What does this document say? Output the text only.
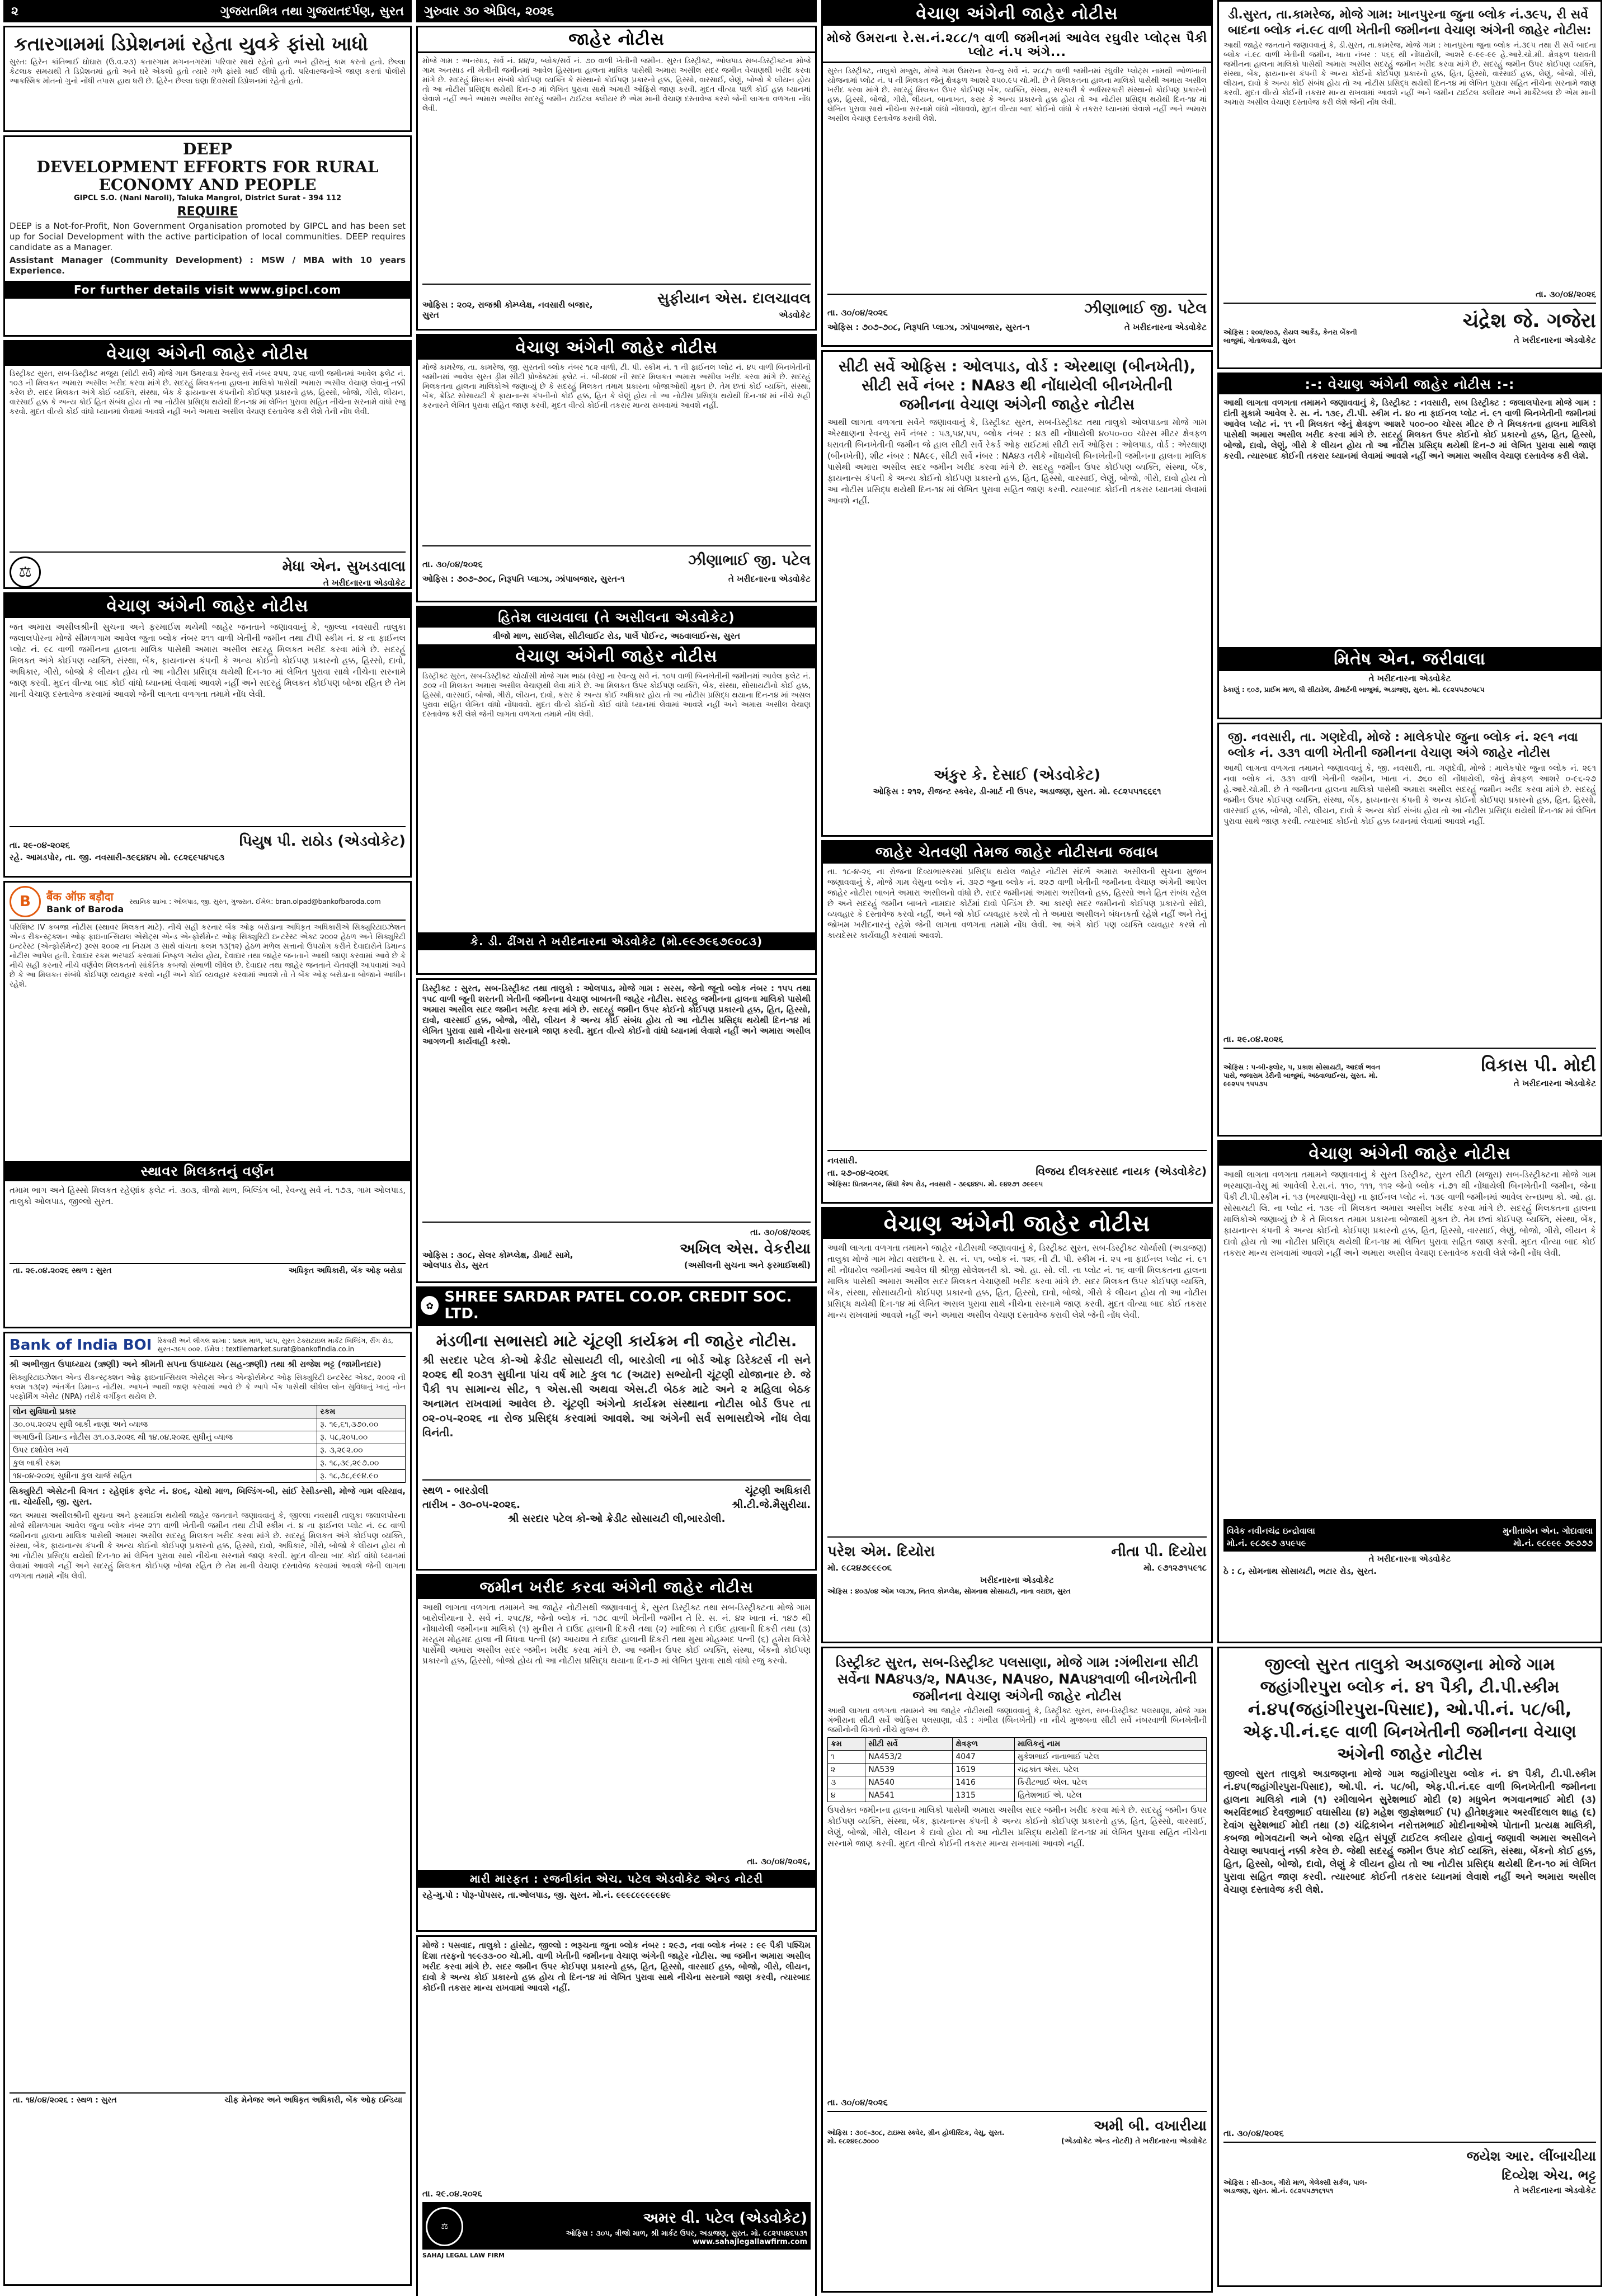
૨	ગુજરાતમિત્ર તથા ગુજરાતદર્પણ, સુરત
કતારગામમાં ડિપ્રેશનમાં રહેતા યુવકે ફાંસો ખાધો
સુરત: હિરેન કાંતિભાઈ ઘોઘારા (ઉ.વ.૨૩) કતારગામ મગનનગરમાં પરિવાર સાથે રહેતો હતો અને હીરાનું કામ કરતો હતો. છેલ્લા કેટલાક સમયથી તે ડિપ્રેશનમાં હતો અને ઘરે એકલો હતો ત્યારે ગળે ફાંસો ખાઈ લીધો હતો. પરિવારજનોએ જાણ કરતાં પોલીસે આકસ્મિક મોતનો ગુનો નોંધી તપાસ હાથ ધરી છે. હિરેન છેલ્લા ઘણા દિવસથી ડિપ્રેશનમાં રહેતો હતો.
DEEP
DEVELOPMENT EFFORTS FOR RURAL ECONOMY AND PEOPLE
GIPCL S.O. (Nani Naroli), Taluka Mangrol, District Surat - 394 112
REQUIRE
DEEP is a Not-for-Profit, Non Government Organisation promoted by GIPCL and has been set up for Social Development with the active participation of local communities. DEEP requires candidate as a Manager.
Assistant Manager (Community Development) : MSW / MBA with 10 years Experience.
For further details visit www.gipcl.com
વેચાણ અંગેની જાહેર નોટીસ
ડિસ્ટ્રીક્ટ સુરત, સબ-ડિસ્ટ્રીક્ટ મજુરા (સીટી સર્વે) મોજે ગામ ઉમરવાડા રેવન્યુ સર્વે નંબર ૨૫૫, ૨૫૬ વાળી જમીનમાં આવેલ ફલેટ નં. ૧૦૩ ની મિલકત અમારા અસીલ ખરીદ કરવા માંગે છે. સદરહું મિલકતના હાલના માલિકો પાસેથી અમારા અસીલ વેચાણ લેવાનું નક્કી કરેલ છે. સદર મિલકત અંગે કોઈ વ્યક્તિ, સંસ્થા, બેંક કે ફાયનાન્સ કંપનીનો કોઈપણ પ્રકારનો હક્ક, હિસ્સો, બોજો, ગીરો, લીયન, વારસાઈ હક્ક કે અન્ય કોઈ હિત સંબંધ હોય તો આ નોટીસ પ્રસિદ્ધ થયેથી દિન-૧૪ માં લેખિત પુરાવા સહિત નીચેના સરનામે વાંધો રજુ કરવો. મુદત વીત્યે કોઈ વાંધો ધ્યાનમાં લેવામાં આવશે નહીં અને અમારા અસીલ વેચાણ દસ્તાવેજ કરી લેશે તેની નોંધ લેવી.
⚖	મેધા એન. સુખડવાલા
તે ખરીદનારના એડવોકેટ
વેચાણ અંગેની જાહેર નોટીસ
જત અમારા અસીલશ્રીની સુચના અને ફરમાઈશ થયેથી જાહેર જનતાને જણાવવાનું કે, જીલ્લા નવસારી તાલુકા જલાલપોરના મોજે સીમળગામ આવેલ જુના બ્લોક નંબર ૨૧૧ વાળી ખેતીની જમીન તથા ટીપી સ્કીમ નં. ૪ ના ફાઈનલ પ્લોટ નં. ૯૮ વાળી જમીનના હાલના માલિક પાસેથી અમારા અસીલ સદરહુ મિલકત ખરીદ કરવા માંગે છે. સદરહું મિલકત અંગે કોઈપણ વ્યક્તિ, સંસ્થા, બેંક, ફાયનાન્સ કંપની કે અન્ય કોઈનો કોઈપણ પ્રકારનો હક્ક, હિસ્સો, દાવો, અધિકાર, ગીરો, બોજો કે લીયન હોય તો આ નોટીસ પ્રસિદ્ધ થયેથી દિન-૧૦ માં લેખિત પુરાવા સાથે નીચેના સરનામે જાણ કરવી. મુદત વીત્યા બાદ કોઈ વાંધો ધ્યાનમાં લેવામાં આવશે નહીં અને સદરહું મિલકત કોઈપણ બોજા રહિત છે તેમ માની વેચાણ દસ્તાવેજ કરવામાં આવશે જેની લાગતા વળગતા તમામે નોંધ લેવી.
તા. ૨૯-૦૪-૨૦૨૬	પિયુષ પી. રાઠોડ (એડવોકેટ)
રહે. આમડપોર, તા. જી. નવસારી-૩૯૬૪૪૫ મો. ૯૮૨૬૯૫૪૫૬૩
B	बैंक ऑफ़ बड़ौदा
Bank of Baroda
સ્થાનિક શાખા : ઓલપાડ, જી. સુરત, ગુજરાત. ઈમેલ: bran.olpad@bankofbaroda.com
પરિશિષ્ટ IV કબજા નોટીસ (સ્થાવર મિલકત માટે). નીચે સહી કરનાર બેંક ઓફ બરોડાના અધિકૃત અધિકારીએ સિક્યુરિટાઇઝેશન એન્ડ રીકન્સ્ટ્રક્શન ઓફ ફાઇનાન્સિયલ એસેટ્સ એન્ડ એન્ફોર્સમેન્ટ ઓફ સિક્યુરિટી ઇન્ટરેસ્ટ એક્ટ ૨૦૦૨ હેઠળ અને સિક્યુરિટી ઇન્ટરેસ્ટ (એન્ફોર્સમેન્ટ) રૂલ્સ ૨૦૦૨ ના નિયમ ૩ સાથે વાંચતા કલમ ૧૩(૧૨) હેઠળ મળેલ સત્તાનો ઉપયોગ કરીને દેવાદારોને ડિમાન્ડ નોટીસ આપેલ હતી. દેવાદાર રકમ ભરપાઈ કરવામાં નિષ્ફળ ગયેલ હોય, દેવાદાર તથા જાહેર જનતાને આથી જાણ કરવામાં આવે છે કે નીચે સહી કરનારે નીચે વર્ણવેલ મિલકતનો સાંકેતિક કબજો સંભાળી લીધેલ છે. દેવાદાર તથા જાહેર જનતાને ચેતવણી આપવામાં આવે છે કે આ મિલકત સંબંધે કોઈપણ વ્યવહાર કરવો નહીં અને કોઈ વ્યવહાર કરવામાં આવશે તો તે બેંક ઓફ બરોડાના બોજાને આધીન રહેશે.
સ્થાવર મિલકતનું વર્ણન
તમામ ભાગ અને હિસ્સો મિલકત રહેણાંક ફલેટ નં. ૩૦૩, ત્રીજો માળ, બિલ્ડિંગ બી, રેવન્યુ સર્વે નં. ૧૭૩, ગામ ઓલપાડ, તાલુકો ઓલપાડ, જીલ્લો સુરત.
તા. ૨૯.૦૪.૨૦૨૬ સ્થળ : સુરત	અધિકૃત અધિકારી, બેંક ઓફ બરોડા
Bank of India BOI રિકવરી અને લીગલ શાખા : પ્રથમ માળ, ૫૮૫, સુરત ટેક્સટાઇલ માર્કેટ બિલ્ડિંગ, રીંગ રોડ, સુરત-૩૯૫ ૦૦૨. ઈમેલ : textilemarket.surat@bankofindia.co.in
શ્રી અભીજીત ઉપાધ્યાય (ઋણી) અને શ્રીમતી સપના ઉપાધ્યાય (સહ-ઋણી) તથા શ્રી રાજેશ ભટ્ટ (જામીનદાર)
સિક્યુરિટાઇઝેશન એન્ડ રીકન્સ્ટ્રક્શન ઓફ ફાઇનાન્સિયલ એસેટ્સ એન્ડ એન્ફોર્સમેન્ટ ઓફ સિક્યુરિટી ઇન્ટરેસ્ટ એક્ટ, ૨૦૦૨ ની કલમ ૧૩(૨) અંતર્ગત ડિમાન્ડ નોટીસ. આપને આથી જાણ કરવામાં આવે છે કે આપે બેંક પાસેથી લીધેલ લોન સુવિધાનું ખાતું નોન પરફોર્મિંગ એસેટ (NPA) તરીકે વર્ગીકૃત થયેલ છે.
લોન સુવિધાનો પ્રકાર	રકમ
૩૦.૦૫.૨૦૨૫ સુધી બાકી નાણાં અને વ્યાજ	રૂ. ૧૯,૬૧,૩૭૦.૦૦
અગાઉની ડિમાન્ડ નોટીસ ૩૧.૦૩.૨૦૨૬ થી ૧૪.૦૪.૨૦૨૬ સુધીનું વ્યાજ	રૂ. ૫૮,૨૦૫.૦૦
ઉપર દર્શાવેલ ખર્ચ	રૂ. ૩,૨૯૨.૦૦
કુલ બાકી રકમ	રૂ. ૧૮,૩૯,૨૯૭.૦૦
૧૪-૦૪-૨૦૨૬ સુધીના કુલ ચાર્જ સહિત	રૂ. ૧૮,૭૮,૯૯૪.૯૦
સિક્યુરિટી એસેટની વિગત : રહેણાંક ફલેટ નં. ૪૦૬, ચોથો માળ, બિલ્ડિંગ-બી, સાંઈ રેસીડન્સી, મોજે ગામ વરિયાવ, તા. ચોર્યાસી, જી. સુરત.
જત અમારા અસીલશ્રીની સુચના અને ફરમાઈશ થયેથી જાહેર જનતાને જણાવવાનું કે, જીલ્લા નવસારી તાલુકા જલાલપોરના મોજે સીમળગામ આવેલ જુના બ્લોક નંબર ૨૧૧ વાળી ખેતીની જમીન તથા ટીપી સ્કીમ નં. ૪ ના ફાઈનલ પ્લોટ નં. ૯૮ વાળી જમીનના હાલના માલિક પાસેથી અમારા અસીલ સદરહુ મિલકત ખરીદ કરવા માંગે છે. સદરહું મિલકત અંગે કોઈપણ વ્યક્તિ, સંસ્થા, બેંક, ફાયનાન્સ કંપની કે અન્ય કોઈનો કોઈપણ પ્રકારનો હક્ક, હિસ્સો, દાવો, અધિકાર, ગીરો, બોજો કે લીયન હોય તો આ નોટીસ પ્રસિદ્ધ થયેથી દિન-૧૦ માં લેખિત પુરાવા સાથે નીચેના સરનામે જાણ કરવી. મુદત વીત્યા બાદ કોઈ વાંધો ધ્યાનમાં લેવામાં આવશે નહીં અને સદરહું મિલકત કોઈપણ બોજા રહિત છે તેમ માની વેચાણ દસ્તાવેજ કરવામાં આવશે જેની લાગતા વળગતા તમામે નોંધ લેવી.
તા. ૧૪/૦૪/૨૦૨૬ : સ્થળ : સુરત	ચીફ મેનેજર અને અધિકૃત અધિકારી, બેંક ઓફ ઇન્ડિયા
ગુરુવાર ૩૦ એપ્રિલ, ૨૦૨૬
જાહેર નોટીસ
મોજે ગામ : અનસાડ, સર્વે નં. ૪૪/૨, બ્લોક/સર્વે નં. ૭૦ વાળી ખેતીની જમીન. સુરત ડિસ્ટ્રીક્ટ, ઓલપાડ સબ-ડિસ્ટ્રીક્ટના મોજે ગામ અનસાડ ની ખેતીની જમીનમાં આવેલ હિસ્સાના હાલના માલિક પાસેથી અમારા અસીલ સદર જમીન વેચાણથી ખરીદ કરવા માંગે છે. સદરહું મિલકત સંબંધે કોઈપણ વ્યક્તિ કે સંસ્થાનો કોઈપણ પ્રકારનો હક્ક, હિસ્સો, વારસાઈ, લેણું, બોજો કે લીયન હોય તો આ નોટીસ પ્રસિદ્ધ થયેથી દિન-૭ માં લેખિત પુરાવા સાથે અમારી ઓફિસે જાણ કરવી. મુદત વીત્યા પછી કોઈ હક્ક ધ્યાનમાં લેવાશે નહીં અને અમારા અસીલ સદરહું જમીન ટાઈટલ ક્લીયર છે એમ માની વેચાણ દસ્તાવેજ કરશે જેની લાગતા વળગતા નોંધ લેવી.
ઓફિસ : ૨૦૨, રાજશ્રી કોમ્પ્લેક્ષ, નવસારી બજાર, સુરત
સુફીયાન એસ. દાલચાવલ
એડવોકેટ
વેચાણ અંગેની જાહેર નોટીસ
મોજે કામરેજ, તા. કામરેજ, જી. સુરતની બ્લોક નંબર ૧૮૨ વાળી, ટી. પી. સ્કીમ નં. ૧ ની ફાઈનલ પ્લોટ નં. ૪૫ વાળી બિનખેતીની જમીનમાં આવેલ સુરત ડ્રીમ સીટી પ્રોજેક્ટમાં ફલેટ નં. બી-૪૦૪ ની સદર મિલકત અમારા અસીલ ખરીદ કરવા માંગે છે. સદરહું મિલકતના હાલના માલિકોએ જણાવ્યું છે કે સદરહું મિલકત તમામ પ્રકારના બોજાઓથી મુક્ત છે. તેમ છતાં કોઈ વ્યક્તિ, સંસ્થા, બેંક, ક્રેડિટ સોસાયટી કે ફાયનાન્સ કંપનીનો કોઈ હક્ક, હિત કે લેણું હોય તો આ નોટીસ પ્રસિદ્ધ થયેથી દિન-૧૪ માં નીચે સહી કરનારને લેખિત પુરાવા સહિત જાણ કરવી, મુદત વીત્યે કોઈની તકરાર માન્ય રાખવામાં આવશે નહીં.
તા. ૩૦/૦૪/૨૦૨૬	ઝીણાભાઈ જી. પટેલ
ઓફિસ : ૭૦૭-૭૦૮, નિરૂપતિ પ્લાઝા, ઝાંપાબજાર, સુરત-૧	તે ખરીદનારના એડવોકેટ
હિતેશ લાયવાલા (તે અસીલના એડવોકેટ)
ત્રીજો માળ, સાઈલેશ, સીટીલાઈટ રોડ, પાર્લે પોઈન્ટ, અઠવાલાઈન્સ, સુરત
વેચાણ અંગેની જાહેર નોટીસ
ડિસ્ટ્રીક્ટ સુરત, સબ-ડિસ્ટ્રીક્ટ ચોર્યાસી મોજે ગામ ભાઠા (વેસુ) ના રેવન્યુ સર્વે નં. ૧૦૫ વાળી બિનખેતીની જમીનમાં આવેલ ફલેટ નં. ૭૦૨ ની મિલકત અમારા અસીલ વેચાણથી લેવા માંગે છે. આ મિલકત ઉપર કોઈપણ વ્યક્તિ, બેંક, સંસ્થા, સોસાયટીનો કોઈ હક્ક, હિસ્સો, વારસાઈ, બોજો, ગીરો, લીયન, દાવો, કરાર કે અન્ય કોઈ અધિકાર હોય તો આ નોટીસ પ્રસિદ્ધ થયાના દિન-૧૪ માં અસલ પુરાવા સહિત લેખિત વાંધો નોંધાવવો. મુદત વીત્યે કોઈનો કોઈ વાંધો ધ્યાનમાં લેવામાં આવશે નહીં અને અમારા અસીલ વેચાણ દસ્તાવેજ કરી લેશે જેની લાગતા વળગતા તમામે નોંધ લેવી.
કે. ડી. ઢીંગરા તે ખરીદનારના એડવોકેટ (મો.૯૯૭૯૬૭૯૦૮૩)
ડિસ્ટ્રીક્ટ : સુરત, સબ-ડિસ્ટ્રીક્ટ તથા તાલુકો : ઓલપાડ, મોજે ગામ : સરસ, જેનો જૂનો બ્લોક નંબર : ૧૫૫ તથા ૧૫૮ વાળી જૂની શરતની ખેતીની જમીનના વેચાણ બાબતની જાહેર નોટીસ. સદરહુ જમીનના હાલના માલિકો પાસેથી અમારા અસીલ સદર જમીન ખરીદ કરવા માંગે છે. સદરહું જમીન ઉપર કોઈનો કોઈપણ પ્રકારનો હક્ક, હિત, હિસ્સો, દાવો, વારસાઈ હક્ક, બોજો, ગીરો, લીયન કે અન્ય કોઈ સંબંધ હોય તો આ નોટીસ પ્રસિદ્ધ થયેથી દિન-૧૪ માં લેખિત પુરાવા સાથે નીચેના સરનામે જાણ કરવી. મુદત વીત્યે કોઈનો વાંધો ધ્યાનમાં લેવાશે નહીં અને અમારા અસીલ આગળની કાર્યવાહી કરશે.
ઓફિસ : ૩૦૮, સેલર કોમ્પ્લેક્ષ, ડીમાર્ટ સામે, ઓલપાડ રોડ, સુરત
તા. ૩૦/૦૪/૨૦૨૬
અખિલ એસ. વેકરીયા
(અસીલની સુચના અને ફરમાઈશથી)
✿ SHREE SARDAR PATEL CO.OP. CREDIT SOC. LTD.
મંડળીના સભાસદો માટે ચૂંટણી કાર્યક્રમ ની જાહેર નોટીસ.
શ્રી સરદાર પટેલ કો-ઓ ક્રેડીટ સોસાયટી લી, બારડોલી ના બોર્ડ ઓફ ડિરેક્ટર્સ ની સને ૨૦૨૬ થી ૨૦૩૧ સુધીના પાંચ વર્ષ માટે કુલ ૧૮ (અઢાર) સભ્યોની ચૂંટણી યોજાનાર છે. જે પૈકી ૧૫ સામાન્ય સીટ, ૧ એસ.સી અથવા એસ.ટી બેઠક માટે અને ૨ મહિલા બેઠક અનામત રાખવામાં આવેલ છે. ચૂંટણી અંગેનો કાર્યક્રમ સંસ્થાના નોટીસ બોર્ડ ઉપર તા ૦૨-૦૫-૨૦૨૬ ના રોજ પ્રસિદ્ધ કરવામાં આવશે. આ અંગેની સર્વ સભાસદોએ નોંધ લેવા વિનંતી.
સ્થળ - બારડોલી
તારીખ - ૩૦-૦૫-૨૦૨૬.
ચૂંટણી અધિકારી
શ્રી.ટી.જે.મૈસુરીયા.
શ્રી સરદાર પટેલ કો-ઓ ક્રેડીટ સોસાયટી લી,બારડોલી.
જમીન ખરીદ કરવા અંગેની જાહેર નોટીસ
આથી લાગતા વળગતા તમામને આ જાહેર નોટીસથી જણાવવાનું કે, સુરત ડિસ્ટ્રીક્ટ તથા સબ-ડિસ્ટ્રીક્ટના મોજે ગામ બારોલીયાના રે. સર્વે નં. ૨૫૮/૪, જેનો બ્લોક નં. ૧૭૮ વાળી ખેતીની જમીન તે રિ. સ. નં. ૪૨ ખાતા નં. ૧૪૭ થી નોંધાયેલી જમીનના માલિકો (૧) મુનીરા તે દાઉદ હાલાની દિકરી તથા (૨) ખાદિજા તે દાઉદ હાલાની દિકરી તથા (૩) મરહૂમ મોહમદ હાલા ની વિધવા પત્ની (૪) આયશા તે દાઉદ હાલાની દિકરી તથા મુસા મોહમ્મદ પત્ની (૬) હુમેરા વિગેરે પાસેથી અમારા અસીલ સદર જમીન ખરીદ કરવા માંગે છે. આ જમીન ઉપર કોઈ વ્યક્તિ, સંસ્થા, બેંકનો કોઈપણ પ્રકારનો હક્ક, હિસ્સો, બોજો હોય તો આ નોટીસ પ્રસિદ્ધ થયાના દિન-૭ માં લેખિત પુરાવા સાથે વાંધો રજુ કરવો.
તા. ૩૦/૦૪/૨૦૨૬,
મારી મારફત : રજનીકાંત એચ. પટેલ એડવોકેટ એન્ડ નોટરી
રહે-મુ.પો : પોરૂ-પોપસર, તા.ઓલપાડ, જી. સુરત. મો.નં. ૯૯૯૮૯૯૯૯૯૪૯
મોજે : પસવાદ, તાલુકો : હાંસોટ, જીલ્લો : ભરૂચના જુના બ્લોક નંબર : ૨૯૭, નવા બ્લોક નંબર : ૯૯ પૈકી પશ્ચિમ દિશા તરફનો ૧૯૯૩૩-૦૦ ચો.મી. વાળી ખેતીની જમીનના વેચાણ અંગેની જાહેર નોટીસ. આ જમીન અમારા અસીલ ખરીદ કરવા માંગે છે. સદર જમીન ઉપર કોઈપણ પ્રકારનો હક્ક, હિત, હિસ્સો, વારસાઈ હક્ક, બોજો, ગીરો, લીયન, દાવો કે અન્ય કોઈ પ્રકારનો હક્ક હોય તો દિન-૧૪ માં લેખિત પુરાવા સાથે નીચેના સરનામે જાણ કરવી, ત્યારબાદ કોઈની તકરાર માન્ય રાખવામાં આવશે નહીં.
તા. ૨૯.૦૪.૨૦૨૬
⚖	અમર વી. પટેલ (એડવોકેટ)
ઓફિસ : ૩૦૫, ત્રીજો માળ, શ્રી માર્કટ ઉપર, અડાજણ, સુરત. મો. ૯૮૨૫૫૪૬૫૩૧ www.sahajlegallawfirm.com
SAHAJ LEGAL LAW FIRM
વેચાણ અંગેની જાહેર નોટીસ
મોજે ઉમરાના રે.સ.નં.૨૮૮/૧ વાળી જમીનમાં આવેલ રઘુવીર પ્લોટ્સ પૈકી પ્લોટ નં.૫ અંગે...
સુરત ડિસ્ટ્રીક્ટ, તાલુકો મજુરા, મોજે ગામ ઉમરાના રેવન્યુ સર્વે નં. ૨૮૮/૧ વાળી જમીનમાં રઘુવીર પ્લોટ્સ નામથી ઓળખાતી યોજનામાં પ્લોટ નં. ૫ ની મિલકત જેનું ક્ષેત્રફળ આશરે ૨૫૦.૯૫ ચો.મી. છે તે મિલકતના હાલના માલિકો પાસેથી અમારા અસીલ ખરીદ કરવા માંગે છે. સદરહું મિલકત ઉપર કોઈપણ બેંક, વ્યક્તિ, સંસ્થા, સરકારી કે અર્ધસરકારી સંસ્થાનો કોઈપણ પ્રકારનો હક્ક, હિસ્સો, બોજો, ગીરો, લીયન, બાનાખત, કરાર કે અન્ય પ્રકારનો હક્ક હોય તો આ નોટીસ પ્રસિદ્ધ થયેથી દિન-૧૪ માં લેખિત પુરાવા સાથે નીચેના સરનામે વાંધો નોંધાવવો, મુદત વીત્યા બાદ કોઈનો વાંધો કે તકરાર ધ્યાનમાં લેવાશે નહીં અને અમારા અસીલ વેચાણ દસ્તાવેજ કરાવી લેશે.
તા. ૩૦/૦૪/૨૦૨૬	ઝીણાભાઈ જી. પટેલ
ઓફિસ : ૭૦૭-૭૦૮, નિરૂપતિ પ્લાઝા, ઝાંપાબજાર, સુરત-૧	તે ખરીદનારના એડવોકેટ
સીટી સર્વે ઓફિસ : ઓલપાડ, વોર્ડ : એરથાણ (બીનખેતી), સીટી સર્વે નંબર : NA૪૩ થી નોંધાયેલી બીનખેતીની જમીનના વેચાણ અંગેની જાહેર નોટીસ
આથી લાગતા વળગતા સર્વેને જણાવવાનું કે, ડિસ્ટ્રીક્ટ સુરત, સબ-ડિસ્ટ્રીક્ટ તથા તાલુકો ઓલપાડના મોજે ગામ એરથાણના રેવન્યુ સર્વે નંબર : ૫૩,૫૪,૫૫, બ્લોક નંબર : ૪૩ થી નોંધાયેલી ૪૦૫૦-૦૦ ચોરસ મીટર ક્ષેત્રફળ ધરાવતી બિનખેતીની જમીન જે હાલ સીટી સર્વે રેકર્ડ ઓફ રાઈટમાં સીટી સર્વે ઓફિસ : ઓલપાડ, વોર્ડ : એરથાણ (બીનખેતી), શીટ નંબર : NA૯૯, સીટી સર્વે નંબર : NA૪૩ તરીકે નોંધાયેલી બિનખેતીની જમીનના હાલના માલિક પાસેથી અમારા અસીલ સદર જમીન ખરીદ કરવા માંગે છે. સદરહુ જમીન ઉપર કોઈપણ વ્યક્તિ, સંસ્થા, બેંક, ફાયનાન્સ કંપની કે અન્ય કોઈનો કોઈપણ પ્રકારનો હક્ક, હિત, હિસ્સો, વારસાઈ, લેણું, બોજો, ગીરો, દાવો હોય તો આ નોટીસ પ્રસિદ્ધ થયેથી દિન-૧૪ માં લેખિત પુરાવા સહિત જાણ કરવી. ત્યારબાદ કોઈની તકરાર ધ્યાનમાં લેવામાં આવશે નહીં.
અંકુર કે. દેસાઈ (એડવોકેટ)
ઓફિસ : ૨૧૨, રીજન્ટ સ્ક્વેર, ડી-માર્ટ ની ઉપર, અડાજણ, સુરત. મો. ૯૮૨૫૫૧૬૬૬૧
જાહેર ચેતવણી તેમજ જાહેર નોટીસના જવાબ
તા. ૧૮-૪-૨૬ ના રોજના દિવ્યભાસ્કરમાં પ્રસિદ્ધ થયેલ જાહેર નોટીસ સંદર્ભે અમારા અસીલની સુચના મુજબ જણાવવાનું કે, મોજે ગામ વેસુના બ્લોક નં. ૩૨૭ જુના બ્લોક નં. ૨૨૭ વાળી ખેતીની જમીનના વેચાણ અંગેની આપેલ જાહેર નોટીસ બાબતે અમારા અસીલનો વાંધો છે. સદર જમીનમાં અમારા અસીલનો હક્ક, હિસ્સો અને હિત સંબંધ રહેલ છે અને સદરહું જમીન બાબતે નામદાર કોર્ટમાં દાવો પેન્ડિંગ છે. આ કારણે સદર જમીનનો કોઈપણ પ્રકારનો સોદો, વ્યવહાર કે દસ્તાવેજ કરવો નહીં, અને જો કોઈ વ્યવહાર કરશે તો તે અમારા અસીલને બંધનકર્તા રહેશે નહીં અને તેનું જોખમ ખરીદનારનું રહેશે જેની લાગતા વળગતા તમામે નોંધ લેવી. આ અંગે કોઈ પણ વ્યક્તિ વ્યવહાર કરશે તો કાયદેસર કાર્યવાહી કરવામાં આવશે.
નવસારી.
તા. ૨૭-૦૪-૨૦૨૬	વિજય દીલકરસાદ નાયક (એડવોકેટ)
ઓફિસ: પ્રિતમનગર, સિંધી કેમ્પ રોડ, નવસારી - ૩૯૬૪૪૫. મો. ૯૪૨૭૧ ૭૯૯૯૫
વેચાણ અંગેની જાહેર નોટીસ
આથી લાગતા વળગતા તમામને જાહેર નોટીસથી જણાવવાનું કે, ડિસ્ટ્રીક્ટ સુરત, સબ-ડિસ્ટ્રીક્ટ ચોર્યાસી (અડાજણ) તાલુકા મોજે ગામ મોટા વરાછાના રે. સ. નં. ૫૧, બ્લોક નં. ૧૨૬ ની ટી. પી. સ્કીમ નં. ૨૫ ના ફાઈનલ પ્લોટ નં. ૯૧ થી નોંધાયેલ જમીનમાં આવેલ ધી શ્રીજી સોલેશનરી કો. ઓ. હા. સો. લી. ના પ્લોટ નં. ૧૬ વાળી મિલકતના હાલના માલિક પાસેથી અમારા અસીલ સદર મિલકત વેચાણથી ખરીદ કરવા માંગે છે. સદર મિલકત ઉપર કોઈપણ વ્યક્તિ, બેંક, સંસ્થા, સોસાયટીનો કોઈપણ પ્રકારનો હક્ક, હિત, હિસ્સો, દાવો, બોજો, ગીરો કે લીયન હોય તો આ નોટીસ પ્રસિદ્ધ થયેથી દિન-૧૪ માં લેખિત અસલ પુરાવા સાથે નીચેના સરનામે જાણ કરવી. મુદત વીત્યા બાદ કોઈ તકરાર માન્ય રાખવામાં આવશે નહીં અને અમારા અસીલ વેચાણ દસ્તાવેજ કરાવી લેશે જેની નોંધ લેવી.
પરેશ એમ. દિયોરા
મો. ૯૮૨૪૭૯૯૯૦૬
નીતા પી. દિયોરા
મો. ૯૭૧૨૭૧૫૯૧૮
ખરીદનારના એડવોકેટ
ઓફિસ : ૪૦૩/૦૪ ઓમ પ્લાઝા, નિતલ કોમ્પ્લેક્ષ, સોમનાથ સોસાયટી, નાના વરાછા, સુરત
ડિસ્ટ્રીક્ટ સુરત, સબ-ડિસ્ટ્રીક્ટ પલસાણા, મોજે ગામ :ગંભીરાના સીટી સર્વેના NA૪૫૩/૨, NA૫૩૯, NA૫૪૦, NA૫૪૧વાળી બીનખેતીની જમીનના વેચાણ અંગેની જાહેર નોટીસ
આથી લાગતા વળગતા તમામને આ જાહેર નોટીસથી જણાવવાનું કે, ડિસ્ટ્રીક્ટ સુરત, સબ-ડિસ્ટ્રીક્ટ પલસાણા, મોજે ગામ ગંભીરાના સીટી સર્વે ઓફિસ પલસાણા, વોર્ડ : ગંભીરા (બિનખેતી) ના નીચે મુજબના સીટી સર્વે નંબરવાળી બિનખેતીની જમીનોની વિગતો નીચે મુજબ છે.
ક્રમ	સીટી સર્વે	ક્ષેત્રફળ	માલિકનું નામ
૧	NA453/2	4047	મુકેશભાઈ નાનાભાઈ પટેલ
૨	NA539	1619	ચંદ્રકાંત એસ. પટેલ
૩	NA540	1416	કિરીટભાઈ એલ. પટેલ
૪	NA541	1315	હિતેશભાઈ એ. પટેલ
ઉપરોક્ત જમીનના હાલના માલિકો પાસેથી અમારા અસીલ સદર જમીન ખરીદ કરવા માંગે છે. સદરહું જમીન ઉપર કોઈપણ વ્યક્તિ, સંસ્થા, બેંક, ફાયનાન્સ કંપની કે અન્ય કોઈનો કોઈપણ પ્રકારનો હક્ક, હિત, હિસ્સો, વારસાઈ, લેણું, બોજો, ગીરો, લીયન કે દાવો હોય તો આ નોટીસ પ્રસિદ્ધ થયેથી દિન-૧૪ માં લેખિત પુરાવા સહિત નીચેના સરનામે જાણ કરવી. મુદત વીત્યે કોઈની તકરાર માન્ય રાખવામાં આવશે નહીં.
તા. ૩૦/૦૪/૨૦૨૬
ઓફિસ : ૩૦૯-૩૦૮, ટાઇમ્સ સ્ક્વેર, ગ્રીન હોલીસ્ટિક, વેસુ, સુરત. મો. ૯૮૨૪૯૮૭૦૦૦
અમી બી. વખારીયા
(એડવોકેટ એન્ડ નોટરી) તે ખરીદનારના એડવોકેટ
ડી.સુરત, તા.કામરેજ, મોજે ગામ: ખાનપુરના જુના બ્લોક નં.૩૯૫, રી સર્વે બાદના બ્લોક નં.૯૮ વાળી ખેતીની જમીનના વેચાણ અંગેની જાહેર નોટીસ:
આથી જાહેર જનતાને જણાવવાનું કે, ડી.સુરત, તા.કામરેજ, મોજે ગામ : ખાનપુરના જુના બ્લોક નં.૩૯૫ તથા રી સર્વે બાદના બ્લોક નં.૯૮ વાળી ખેતીની જમીન, ખાતા નંબર : ૫૬૬ થી નોંધાયેલી, આશરે ૯-૯૯-૯૯ હે.આરે.ચો.મી. ક્ષેત્રફળ ધરાવતી જમીનના હાલના માલિકો પાસેથી અમારા અસીલ સદરહું જમીન ખરીદ કરવા માંગે છે. સદરહું જમીન ઉપર કોઈપણ વ્યક્તિ, સંસ્થા, બેંક, ફાયનાન્સ કંપની કે અન્ય કોઈનો કોઈપણ પ્રકારનો હક્ક, હિત, હિસ્સો, વારસાઈ હક્ક, લેણું, બોજો, ગીરો, લીયન, દાવો કે અન્ય કોઈ સંબંધ હોય તો આ નોટીસ પ્રસિદ્ધ થયેથી દિન-૧૪ માં લેખિત પુરાવા સહિત નીચેના સરનામે જાણ કરવી. મુદત વીત્યે કોઈની તકરાર માન્ય રાખવામાં આવશે નહીં અને જમીન ટાઈટલ ક્લીયર અને માર્કેટેબલ છે એમ માની અમારા અસીલ વેચાણ દસ્તાવેજ કરી લેશે જેની નોંધ લેવી.
તા. ૩૦/૦૪/૨૦૨૬
ઓફિસ : ૨૦૨/૨૦૩, રોયલ આર્કેડ, કેનરા બેંકની બાજુમાં, ગોતાલવાડી, સુરત
ચંદ્રેશ જે. ગજેરા
તે ખરીદનારના એડવોકેટ
:-: વેચાણ અંગેની જાહેર નોટીસ :-:
આથી લાગતા વળગતા તમામને જણાવવાનું કે, ડિસ્ટ્રીક્ટ : નવસારી, સબ ડિસ્ટ્રીક્ટ : જલાલપોરના મોજે ગામ : દાંતી મુકામે આવેલ રે. સ. નં. ૧૩૯, ટી.પી. સ્કીમ નં. ૪૦ ના ફાઈનલ પ્લોટ નં. ૯૧ વાળી બિનખેતીની જમીનમાં આવેલ પ્લોટ નં. ૧૧ ની મિલકત જેનું ક્ષેત્રફળ આશરે ૫૦૦-૦૦ ચોરસ મીટર છે તે મિલકતના હાલના માલિકો પાસેથી અમારા અસીલ ખરીદ કરવા માંગે છે. સદરહું મિલકત ઉપર કોઈનો કોઈ પ્રકારનો હક્ક, હિત, હિસ્સો, બોજો, દાવો, લેણું, ગીરો કે લીયન હોય તો આ નોટીસ પ્રસિદ્ધ થયેથી દિન-૭ માં લેખિત પુરાવા સાથે જાણ કરવી. ત્યારબાદ કોઈની તકરાર ધ્યાનમાં લેવામાં આવશે નહીં અને અમારા અસીલ વેચાણ દસ્તાવેજ કરી લેશે.
મિતેષ એન. જરીવાલા
તે ખરીદનારના એડવોકેટ
ઠેકાણું : ૬૦૭, પ્રાઈમ માળ, ધી સીટાડેલ, ડીમાર્ટની બાજુમાં, અડાજણ, સુરત. મો. ૯૮૨૫૫૭૦૫૮૫
જી. નવસારી, તા. ગણદેવી, મોજે : માલેકપોર જુના બ્લોક નં. ૨૯૧ નવા બ્લોક નં. ૩૩૧ વાળી ખેતીની જમીનના વેચાણ અંગે જાહેર નોટીસ
આથી લાગતા વળગતા તમામને જણાવવાનું કે, જી. નવસારી, તા. ગણદેવી, મોજે : માલેકપોર જુના બ્લોક નં. ૨૯૧ નવા બ્લોક નં. ૩૩૧ વાળી ખેતીની જમીન, ખાતા નં. ૭૬૦ થી નોંધાયેલી, જેનું ક્ષેત્રફળ આશરે ૦-૯૬-૨૭ હે.આરે.ચો.મી. છે તે જમીનના હાલના માલિકો પાસેથી અમારા અસીલ સદરહું જમીન ખરીદ કરવા માંગે છે. સદરહું જમીન ઉપર કોઈપણ વ્યક્તિ, સંસ્થા, બેંક, ફાયનાન્સ કંપની કે અન્ય કોઈનો કોઈપણ પ્રકારનો હક્ક, હિત, હિસ્સો, વારસાઈ હક્ક, બોજો, ગીરો, લીયન, દાવો કે અન્ય કોઈ સંબંધ હોય તો આ નોટીસ પ્રસિદ્ધ થયેથી દિન-૧૪ માં લેખિત પુરાવા સાથે જાણ કરવી. ત્યારબાદ કોઈનો કોઈ હક્ક ધ્યાનમાં લેવામાં આવશે નહીં.
તા. ૨૯.૦૪.૨૦૨૬
ઓફિસ : ૫-બી-ફ્લોર, ૫, પ્રકાશ સોસાયટી, આદર્શ ભવન પાસે, જલારામ ડેરીની બાજુમાં, અઠવાલાઈન્સ, સુરત. મો. ૯૯૨૫૫ ૧૫૫૩૫
વિકાસ પી. મોદી
તે ખરીદનારના એડવોકેટ
વેચાણ અંગેની જાહેર નોટીસ
આથી લાગતા વળગતા તમામને જણાવવાનું કે સુરત ડિસ્ટ્રીક્ટ, સુરત સીટી (મજુરા) સબ-ડિસ્ટ્રીક્ટના મોજે ગામ ભરથાણા-વેસુ માં આવેલી રે.સ.નં. ૧૧૦, ૧૧૧, ૧૧૨ જેનો બ્લોક નં.૭૧ થી નોંધાયેલી બિનખેતીની જમીન, જેના પૈકી ટી.પી.સ્કીમ નં. ૧૩ (ભરથાણા-વેસુ) ના ફાઈનલ પ્લોટ નં. ૧૩૯ વાળી જમીનમાં આવેલ રત્નપ્રભા કો. ઓ. હા. સોસાયટી લિ. ના પ્લોટ નં. ૧૩૯ ની મિલકત અમારા અસીલ ખરીદ કરવા માંગે છે. સદરહું મિલકતના હાલના માલિકોએ જણાવ્યું છે કે તે મિલકત તમામ પ્રકારના બોજાથી મુક્ત છે. તેમ છતાં કોઈપણ વ્યક્તિ, સંસ્થા, બેંક, ફાયનાન્સ કંપની કે અન્ય કોઈનો કોઈપણ પ્રકારનો હક્ક, હિત, હિસ્સો, વારસાઈ, લેણું, બોજો, ગીરો, લીયન કે દાવો હોય તો આ નોટીસ પ્રસિદ્ધ થયેથી દિન-૧૪ માં લેખિત પુરાવા સહિત જાણ કરવી. મુદત વીત્યા બાદ કોઈ તકરાર માન્ય રાખવામાં આવશે નહીં અને અમારા અસીલ વેચાણ દસ્તાવેજ કરાવી લેશે જેની નોંધ લેવી.
વિવેક નવીનચંદ્ર ઇન્દ્રોવાલા
મો.નં. ૯૮૭૯૭ ૩૫૯૫૯
મુનીતાબેન એન. ગોદાવાલા
મો.નં. ૯૮૯૯૯ ૭૯૭૭૭
તે ખરીદનારના એડવોકેટ
ઠે : ૮, સોમનાથ સોસાયટી, ભટાર રોડ, સુરત.
જીલ્લો સુરત તાલુકો અડાજણના મોજે ગામ જહાંગીરપુરા બ્લોક નં. ૪૧ પૈકી, ટી.પી.સ્કીમ નં.૪૫(જહાંગીરપુરા-પિસાદ), ઓ.પી.નં. ૫૮/બી, એફ.પી.નં.૬૯ વાળી બિનખેતીની જમીનના વેચાણ અંગેની જાહેર નોટીસ
જીલ્લો સુરત તાલુકો અડાજણના મોજે ગામ જહાંગીરપુરા બ્લોક નં. ૪૧ પૈકી, ટી.પી.સ્કીમ નં.૪૫(જહાંગીરપુરા-પિસાદ), ઓ.પી. નં. ૫૮/બી, એફ.પી.નં.૬૯ વાળી બિનખેતીની જમીનના હાલના માલિકો નામે (૧) રમીલાબેન સુરેશભાઈ મોદી (૨) મધુબેન ભગવાનભાઈ મોદી (૩) અરવિંદભાઈ દેવજીભાઈ વઘાસીયા (૪) મહેશ જીજ્ઞેશભાઈ (૫) હીતેશકુમાર અરવીંદલાલ શાહ (૬) દેવાંગ સુરેશભાઈ મોદી તથા (૭) ચંદ્રિકાબેન નરોત્તમભાઈ મોદીનાઓએ પોતાની પ્રત્યક્ષ માલિકી, કબજા ભોગવટાની અને બોજા રહિત સંપૂર્ણ ટાઈટલ ક્લીયર હોવાનું જણાવી અમારા અસીલને વેચાણ આપવાનું નક્કી કરેલ છે. જેથી સદરહું જમીન ઉપર કોઈ વ્યક્તિ, સંસ્થા, બેંકનો કોઈ હક્ક, હિત, હિસ્સો, બોજો, દાવો, લેણું કે લીયન હોય તો આ નોટીસ પ્રસિદ્ધ થયેથી દિન-૧૦ માં લેખિત પુરાવા સહિત જાણ કરવી. ત્યારબાદ કોઈની તકરાર ધ્યાનમાં લેવાશે નહીં અને અમારા અસીલ વેચાણ દસ્તાવેજ કરી લેશે.
તા. ૩૦/૦૪/૨૦૨૬
ઓફિસ : સી-૩૦૬, ગીરો માળ, ગેલેક્સી સર્કલ, પાલ-અડાજણ, સુરત. મો.નં. ૯૮૨૫૫૭૧૬૧૫૧
જયેશ આર. લીંબાચીયા
દિવ્યેશ એચ. ભટ્ટ
તે ખરીદનારના એડવોકેટ
